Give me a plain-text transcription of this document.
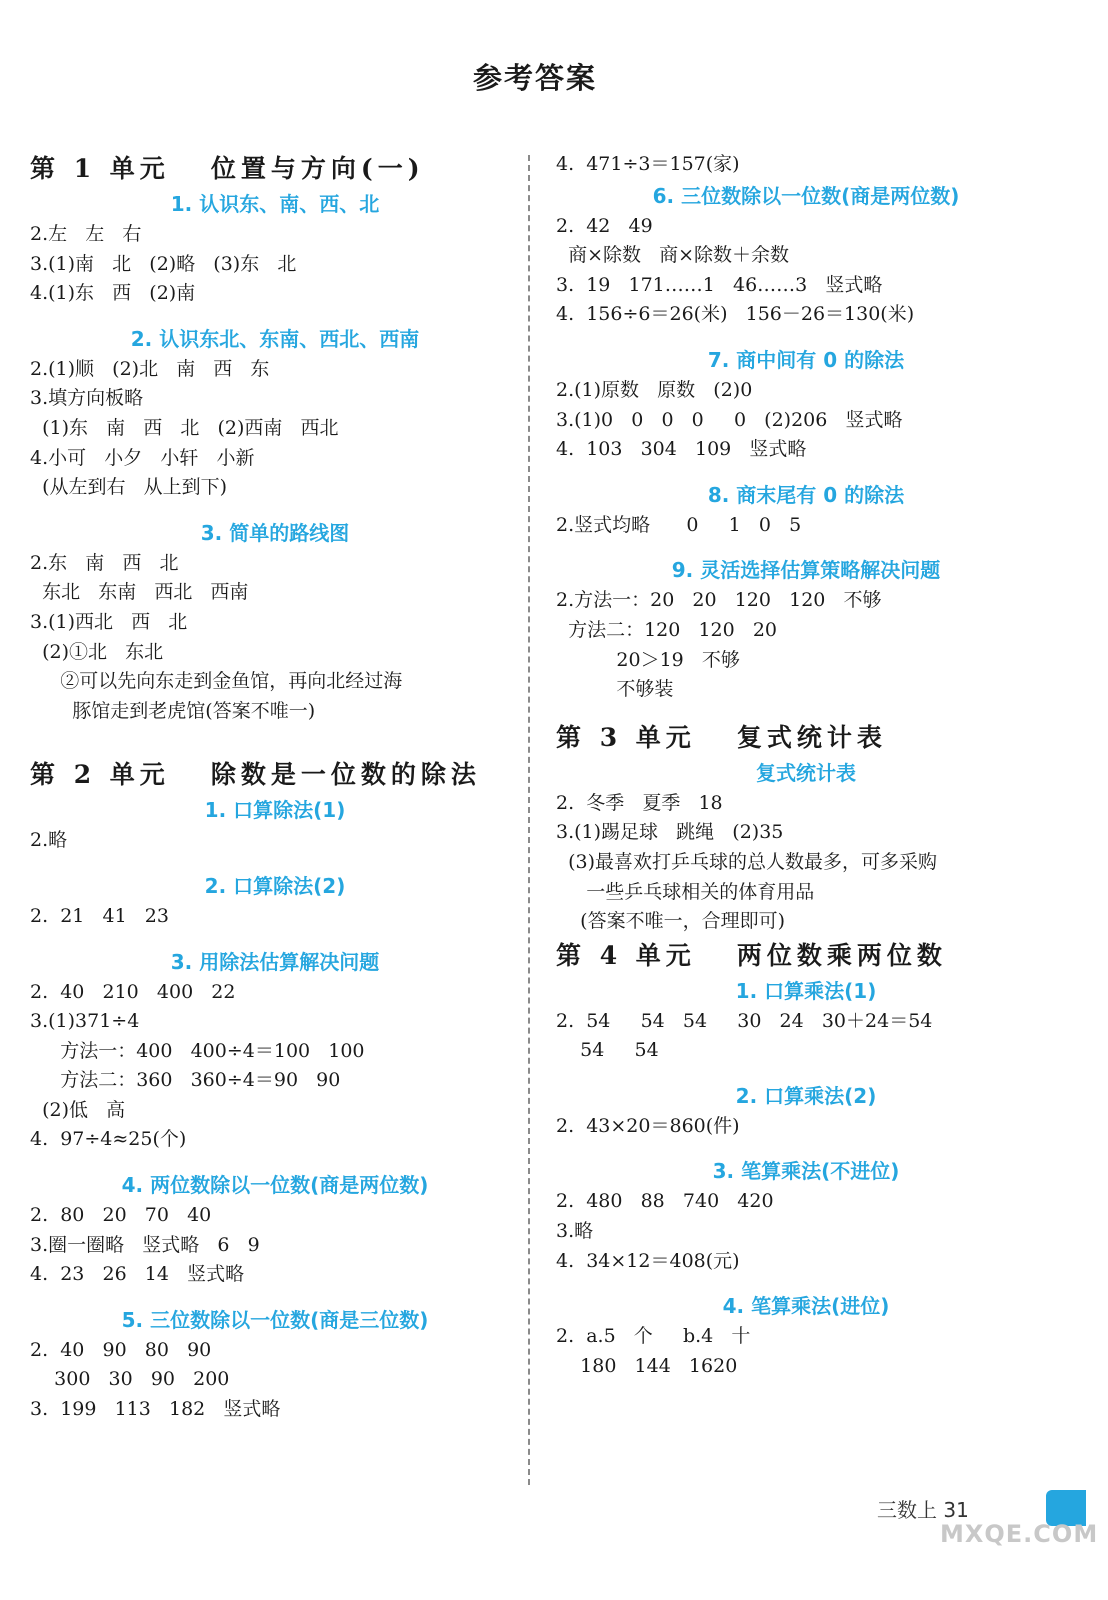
参考答案
第 1 单元   位置与方向(一)
1. 认识东、南、西、北
2.左   左   右
3.(1)南   北   (2)略   (3)东   北
4.(1)东   西   (2)南
2. 认识东北、东南、西北、西南
2.(1)顺   (2)北   南   西   东
3.填方向板略
(1)东   南   西   北   (2)西南   西北
4.小可   小夕   小轩   小新
(从左到右   从上到下)
3. 简单的路线图
2.东   南   西   北
东北   东南   西北   西南
3.(1)西北   西   北
(2)①北   东北
②可以先向东走到金鱼馆，再向北经过海
豚馆走到老虎馆(答案不唯一)
第 2 单元   除数是一位数的除法
1. 口算除法(1)
2.略
2. 口算除法(2)
2.  21   41   23
3. 用除法估算解决问题
2.  40   210   400   22
3.(1)371÷4
方法一：400   400÷4＝100   100
方法二：360   360÷4＝90   90
(2)低   高
4.  97÷4≈25(个)
4. 两位数除以一位数(商是两位数)
2.  80   20   70   40
3.圈一圈略   竖式略   6   9
4.  23   26   14   竖式略
5. 三位数除以一位数(商是三位数)
2.  40   90   80   90
300   30   90   200
3.  199   113   182   竖式略
4.  471÷3＝157(家)
6. 三位数除以一位数(商是两位数)
2.  42   49
商×除数   商×除数＋余数
3.  19   171……1   46……3   竖式略
4.  156÷6＝26(米)   156－26＝130(米)
7. 商中间有 0 的除法
2.(1)原数   原数   (2)0
3.(1)0   0   0   0     0   (2)206   竖式略
4.  103   304   109   竖式略
8. 商末尾有 0 的除法
2.竖式均略      0     1   0   5
9. 灵活选择估算策略解决问题
2.方法一：20   20   120   120   不够
方法二：120   120   20
20＞19   不够
不够装
第 3 单元   复式统计表
复式统计表
2.  冬季   夏季   18
3.(1)踢足球   跳绳   (2)35
(3)最喜欢打乒乓球的总人数最多，可多采购
一些乒乓球相关的体育用品
(答案不唯一，合理即可)
第 4 单元   两位数乘两位数
1. 口算乘法(1)
2.  54     54   54     30   24   30＋24＝54
54     54
2. 口算乘法(2)
2.  43×20＝860(件)
3. 笔算乘法(不进位)
2.  480   88   740   420
3.略
4.  34×12＝408(元)
4. 笔算乘法(进位)
2.  a.5   个     b.4   十
180   144   1620
三数上 31
MXQE.COM
